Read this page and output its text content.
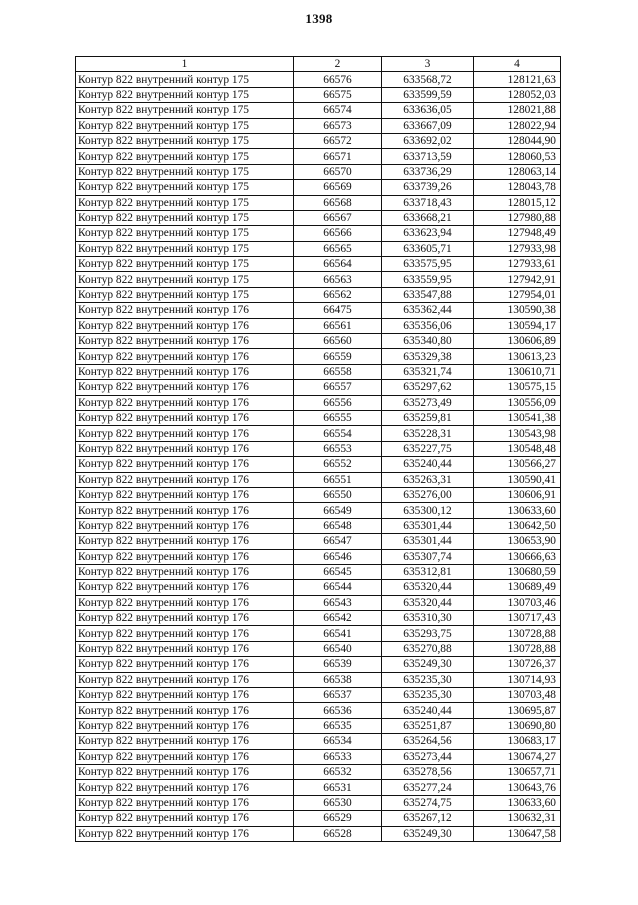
1398
1	2	3	4
Контур 822 внутренний контур 175	66576	633568,72	128121,63
Контур 822 внутренний контур 175	66575	633599,59	128052,03
Контур 822 внутренний контур 175	66574	633636,05	128021,88
Контур 822 внутренний контур 175	66573	633667,09	128022,94
Контур 822 внутренний контур 175	66572	633692,02	128044,90
Контур 822 внутренний контур 175	66571	633713,59	128060,53
Контур 822 внутренний контур 175	66570	633736,29	128063,14
Контур 822 внутренний контур 175	66569	633739,26	128043,78
Контур 822 внутренний контур 175	66568	633718,43	128015,12
Контур 822 внутренний контур 175	66567	633668,21	127980,88
Контур 822 внутренний контур 175	66566	633623,94	127948,49
Контур 822 внутренний контур 175	66565	633605,71	127933,98
Контур 822 внутренний контур 175	66564	633575,95	127933,61
Контур 822 внутренний контур 175	66563	633559,95	127942,91
Контур 822 внутренний контур 175	66562	633547,88	127954,01
Контур 822 внутренний контур 176	66475	635362,44	130590,38
Контур 822 внутренний контур 176	66561	635356,06	130594,17
Контур 822 внутренний контур 176	66560	635340,80	130606,89
Контур 822 внутренний контур 176	66559	635329,38	130613,23
Контур 822 внутренний контур 176	66558	635321,74	130610,71
Контур 822 внутренний контур 176	66557	635297,62	130575,15
Контур 822 внутренний контур 176	66556	635273,49	130556,09
Контур 822 внутренний контур 176	66555	635259,81	130541,38
Контур 822 внутренний контур 176	66554	635228,31	130543,98
Контур 822 внутренний контур 176	66553	635227,75	130548,48
Контур 822 внутренний контур 176	66552	635240,44	130566,27
Контур 822 внутренний контур 176	66551	635263,31	130590,41
Контур 822 внутренний контур 176	66550	635276,00	130606,91
Контур 822 внутренний контур 176	66549	635300,12	130633,60
Контур 822 внутренний контур 176	66548	635301,44	130642,50
Контур 822 внутренний контур 176	66547	635301,44	130653,90
Контур 822 внутренний контур 176	66546	635307,74	130666,63
Контур 822 внутренний контур 176	66545	635312,81	130680,59
Контур 822 внутренний контур 176	66544	635320,44	130689,49
Контур 822 внутренний контур 176	66543	635320,44	130703,46
Контур 822 внутренний контур 176	66542	635310,30	130717,43
Контур 822 внутренний контур 176	66541	635293,75	130728,88
Контур 822 внутренний контур 176	66540	635270,88	130728,88
Контур 822 внутренний контур 176	66539	635249,30	130726,37
Контур 822 внутренний контур 176	66538	635235,30	130714,93
Контур 822 внутренний контур 176	66537	635235,30	130703,48
Контур 822 внутренний контур 176	66536	635240,44	130695,87
Контур 822 внутренний контур 176	66535	635251,87	130690,80
Контур 822 внутренний контур 176	66534	635264,56	130683,17
Контур 822 внутренний контур 176	66533	635273,44	130674,27
Контур 822 внутренний контур 176	66532	635278,56	130657,71
Контур 822 внутренний контур 176	66531	635277,24	130643,76
Контур 822 внутренний контур 176	66530	635274,75	130633,60
Контур 822 внутренний контур 176	66529	635267,12	130632,31
Контур 822 внутренний контур 176	66528	635249,30	130647,58
